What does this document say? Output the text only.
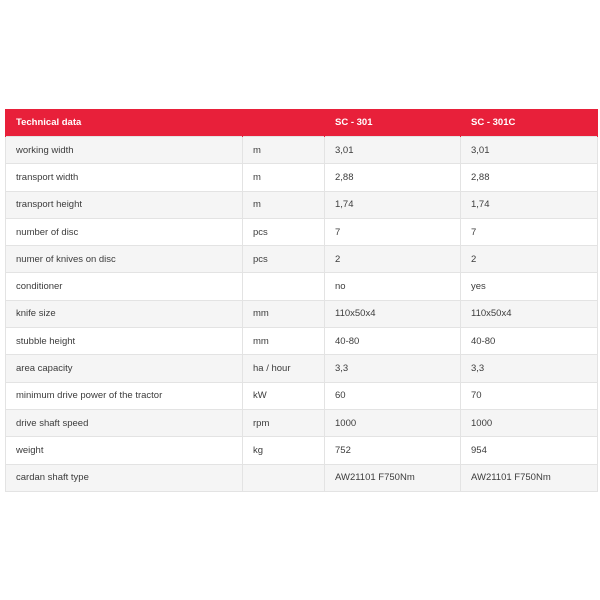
Technical data		SC - 301	SC - 301C
working width	m	3,01	3,01
transport width	m	2,88	2,88
transport height	m	1,74	1,74
number of disc	pcs	7	7
numer of knives on disc	pcs	2	2
conditioner		no	yes
knife size	mm	110x50x4	110x50x4
stubble height	mm	40-80	40-80
area capacity	ha / hour	3,3	3,3
minimum drive power of the tractor	kW	60	70
drive shaft speed	rpm	1000	1000
weight	kg	752	954
cardan shaft type		AW21101 F750Nm	AW21101 F750Nm
